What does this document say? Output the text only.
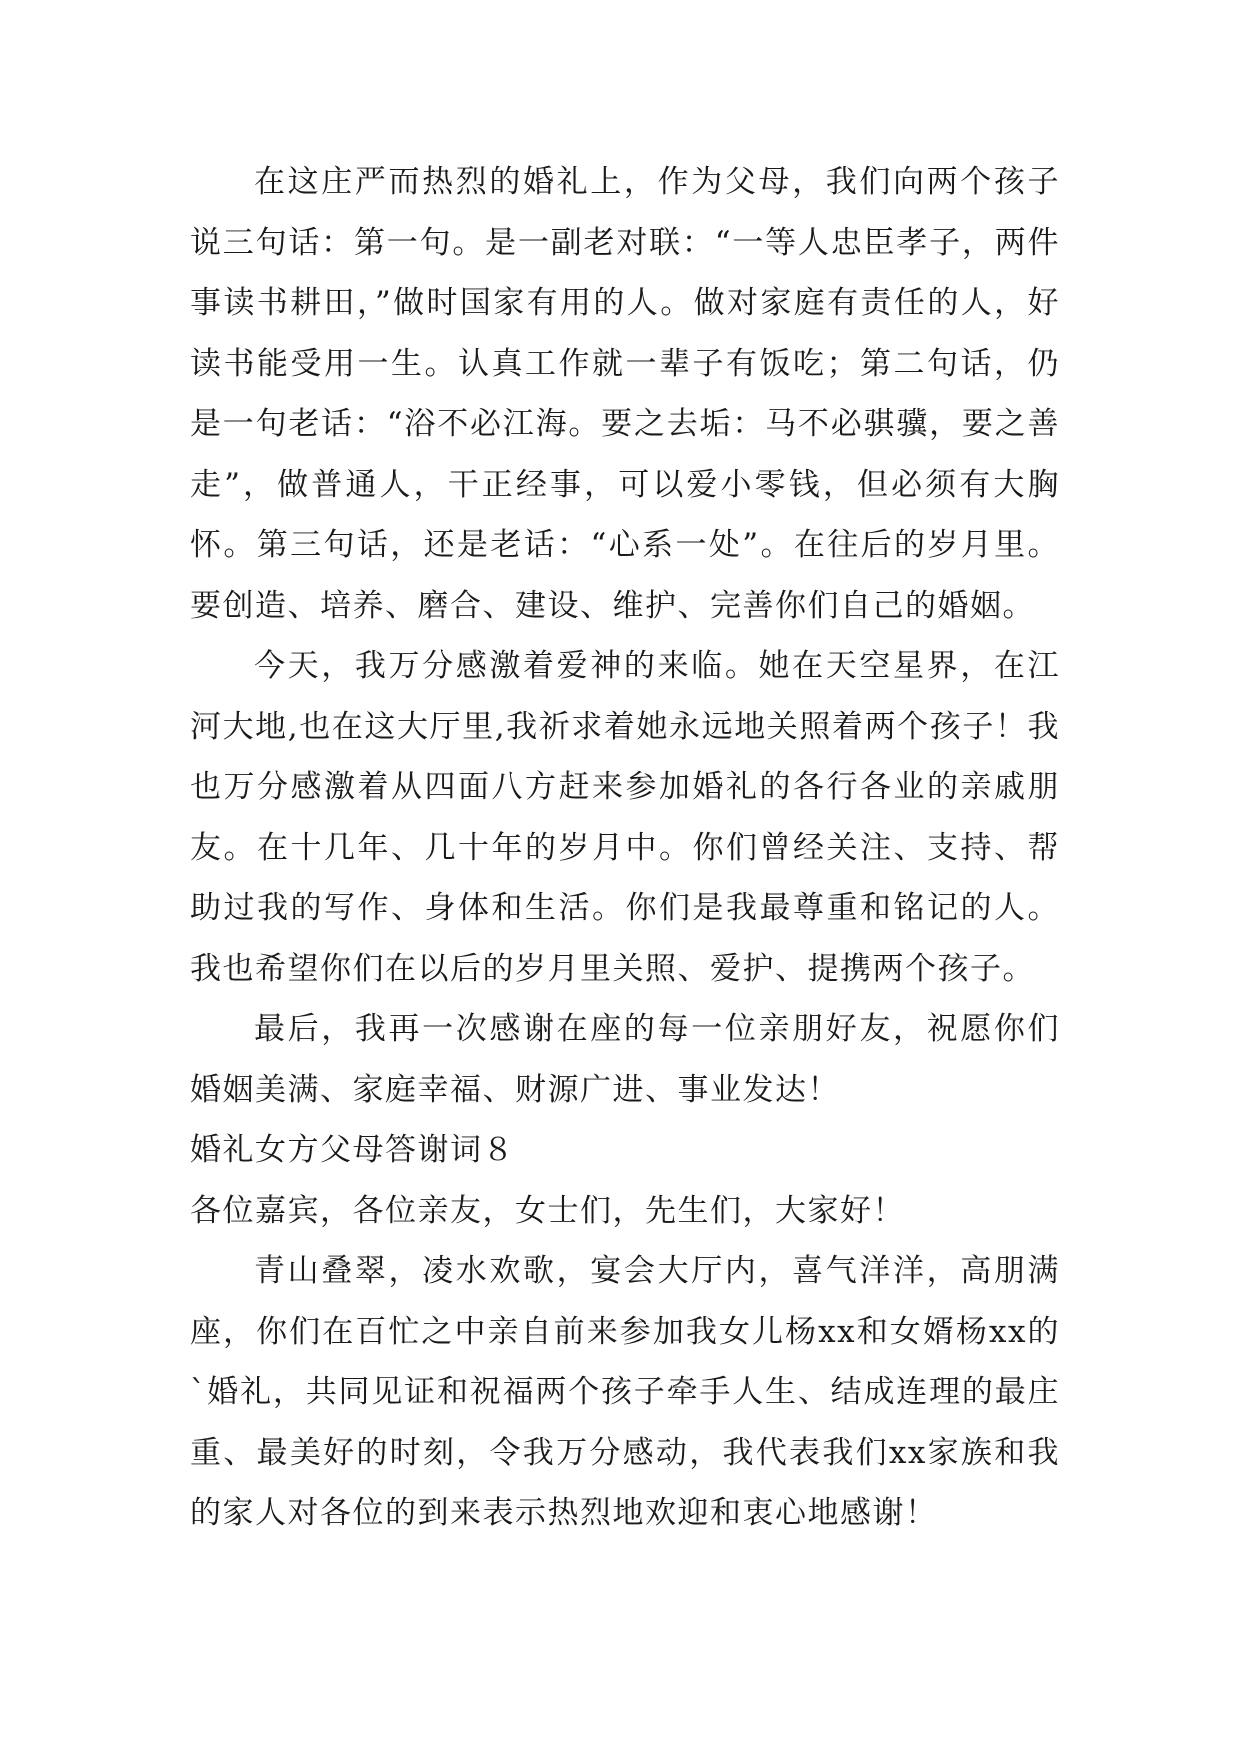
在这庄严而热烈的婚礼上，作为父母，我们向两个孩子说三句话：第一句。是一副老对联：“一等人忠臣孝子，两件事读书耕田，”做时国家有用的人。做对家庭有责任的人，好读书能受用一生。认真工作就一辈子有饭吃；第二句话，仍是一句老话：“浴不必江海。要之去垢：马不必骐骥，要之善走”，做普通人，干正经事，可以爱小零钱，但必须有大胸怀。第三句话，还是老话：“心系一处”。在往后的岁月里。要创造、培养、磨合、建设、维护、完善你们自己的婚姻。

今天，我万分感激着爱神的来临。她在天空星界，在江河大地,也在这大厅里,我祈求着她永远地关照着两个孩子！我也万分感激着从四面八方赶来参加婚礼的各行各业的亲戚朋友。在十几年、几十年的岁月中。你们曾经关注、支持、帮助过我的写作、身体和生活。你们是我最尊重和铭记的人。我也希望你们在以后的岁月里关照、爱护、提携两个孩子。

最后，我再一次感谢在座的每一位亲朋好友，祝愿你们婚姻美满、家庭幸福、财源广进、事业发达！

婚礼女方父母答谢词８

各位嘉宾，各位亲友，女士们，先生们，大家好！

青山叠翠，凌水欢歌，宴会大厅内，喜气洋洋，高朋满座，你们在百忙之中亲自前来参加我女儿杨xx和女婿杨xx的`婚礼，共同见证和祝福两个孩子牵手人生、结成连理的最庄重、最美好的时刻，令我万分感动，我代表我们xx家族和我的家人对各位的到来表示热烈地欢迎和衷心地感谢！
